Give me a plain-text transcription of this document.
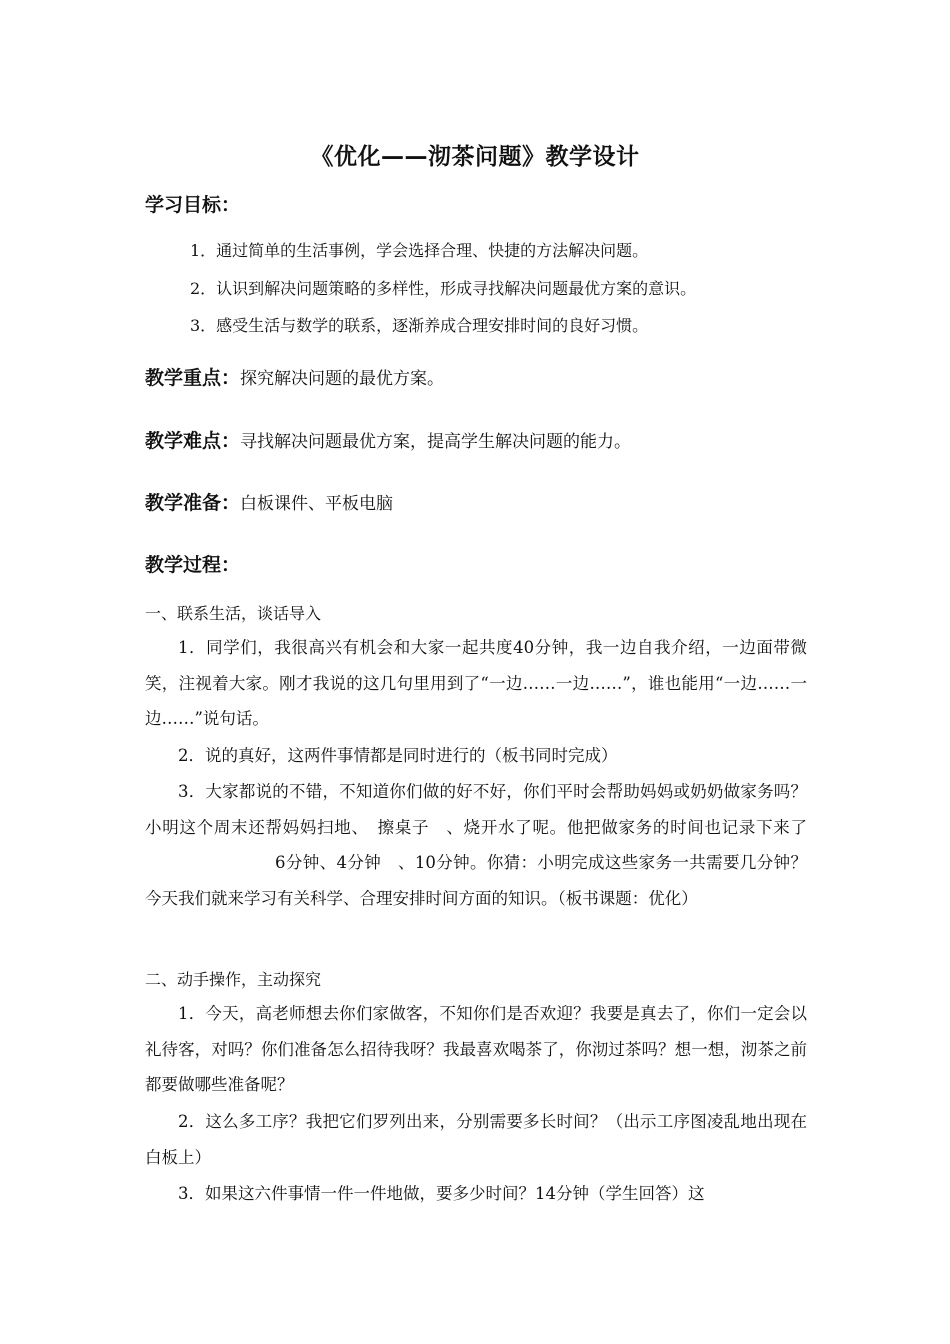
《优化——沏茶问题》教学设计
学习目标：
1．通过简单的生活事例，学会选择合理、快捷的方法解决问题。
2．认识到解决问题策略的多样性，形成寻找解决问题最优方案的意识。
3．感受生活与数学的联系，逐渐养成合理安排时间的良好习惯。
教学重点：探究解决问题的最优方案。
教学难点：寻找解决问题最优方案，提高学生解决问题的能力。
教学准备：白板课件、平板电脑
教学过程：
一、联系生活，谈话导入
1．同学们，我很高兴有机会和大家一起共度40分钟，我一边自我介绍，一边面带微笑，注视着大家。刚才我说的这几句里用到了“一边……一边……”，谁也能用“一边……一边……”说句话。
2．说的真好，这两件事情都是同时进行的（板书同时完成）
3．大家都说的不错，不知道你们做的好不好，你们平时会帮助妈妈或奶奶做家务吗？小明这个周末还帮妈妈扫地、　擦桌子　、烧开水了呢。他把做家务的时间也记录下来了6分钟、4分钟　、10分钟。你猜：小明完成这些家务一共需要几分钟？今天我们就来学习有关科学、合理安排时间方面的知识。（板书课题：优化）
二、动手操作，主动探究
1．今天，高老师想去你们家做客，不知你们是否欢迎？我要是真去了，你们一定会以礼待客，对吗？你们准备怎么招待我呀？我最喜欢喝茶了，你沏过茶吗？想一想，沏茶之前都要做哪些准备呢？
2．这么多工序？我把它们罗列出来，分别需要多长时间？（出示工序图凌乱地出现在白板上）
3．如果这六件事情一件一件地做，要多少时间？14分钟（学生回答）这
